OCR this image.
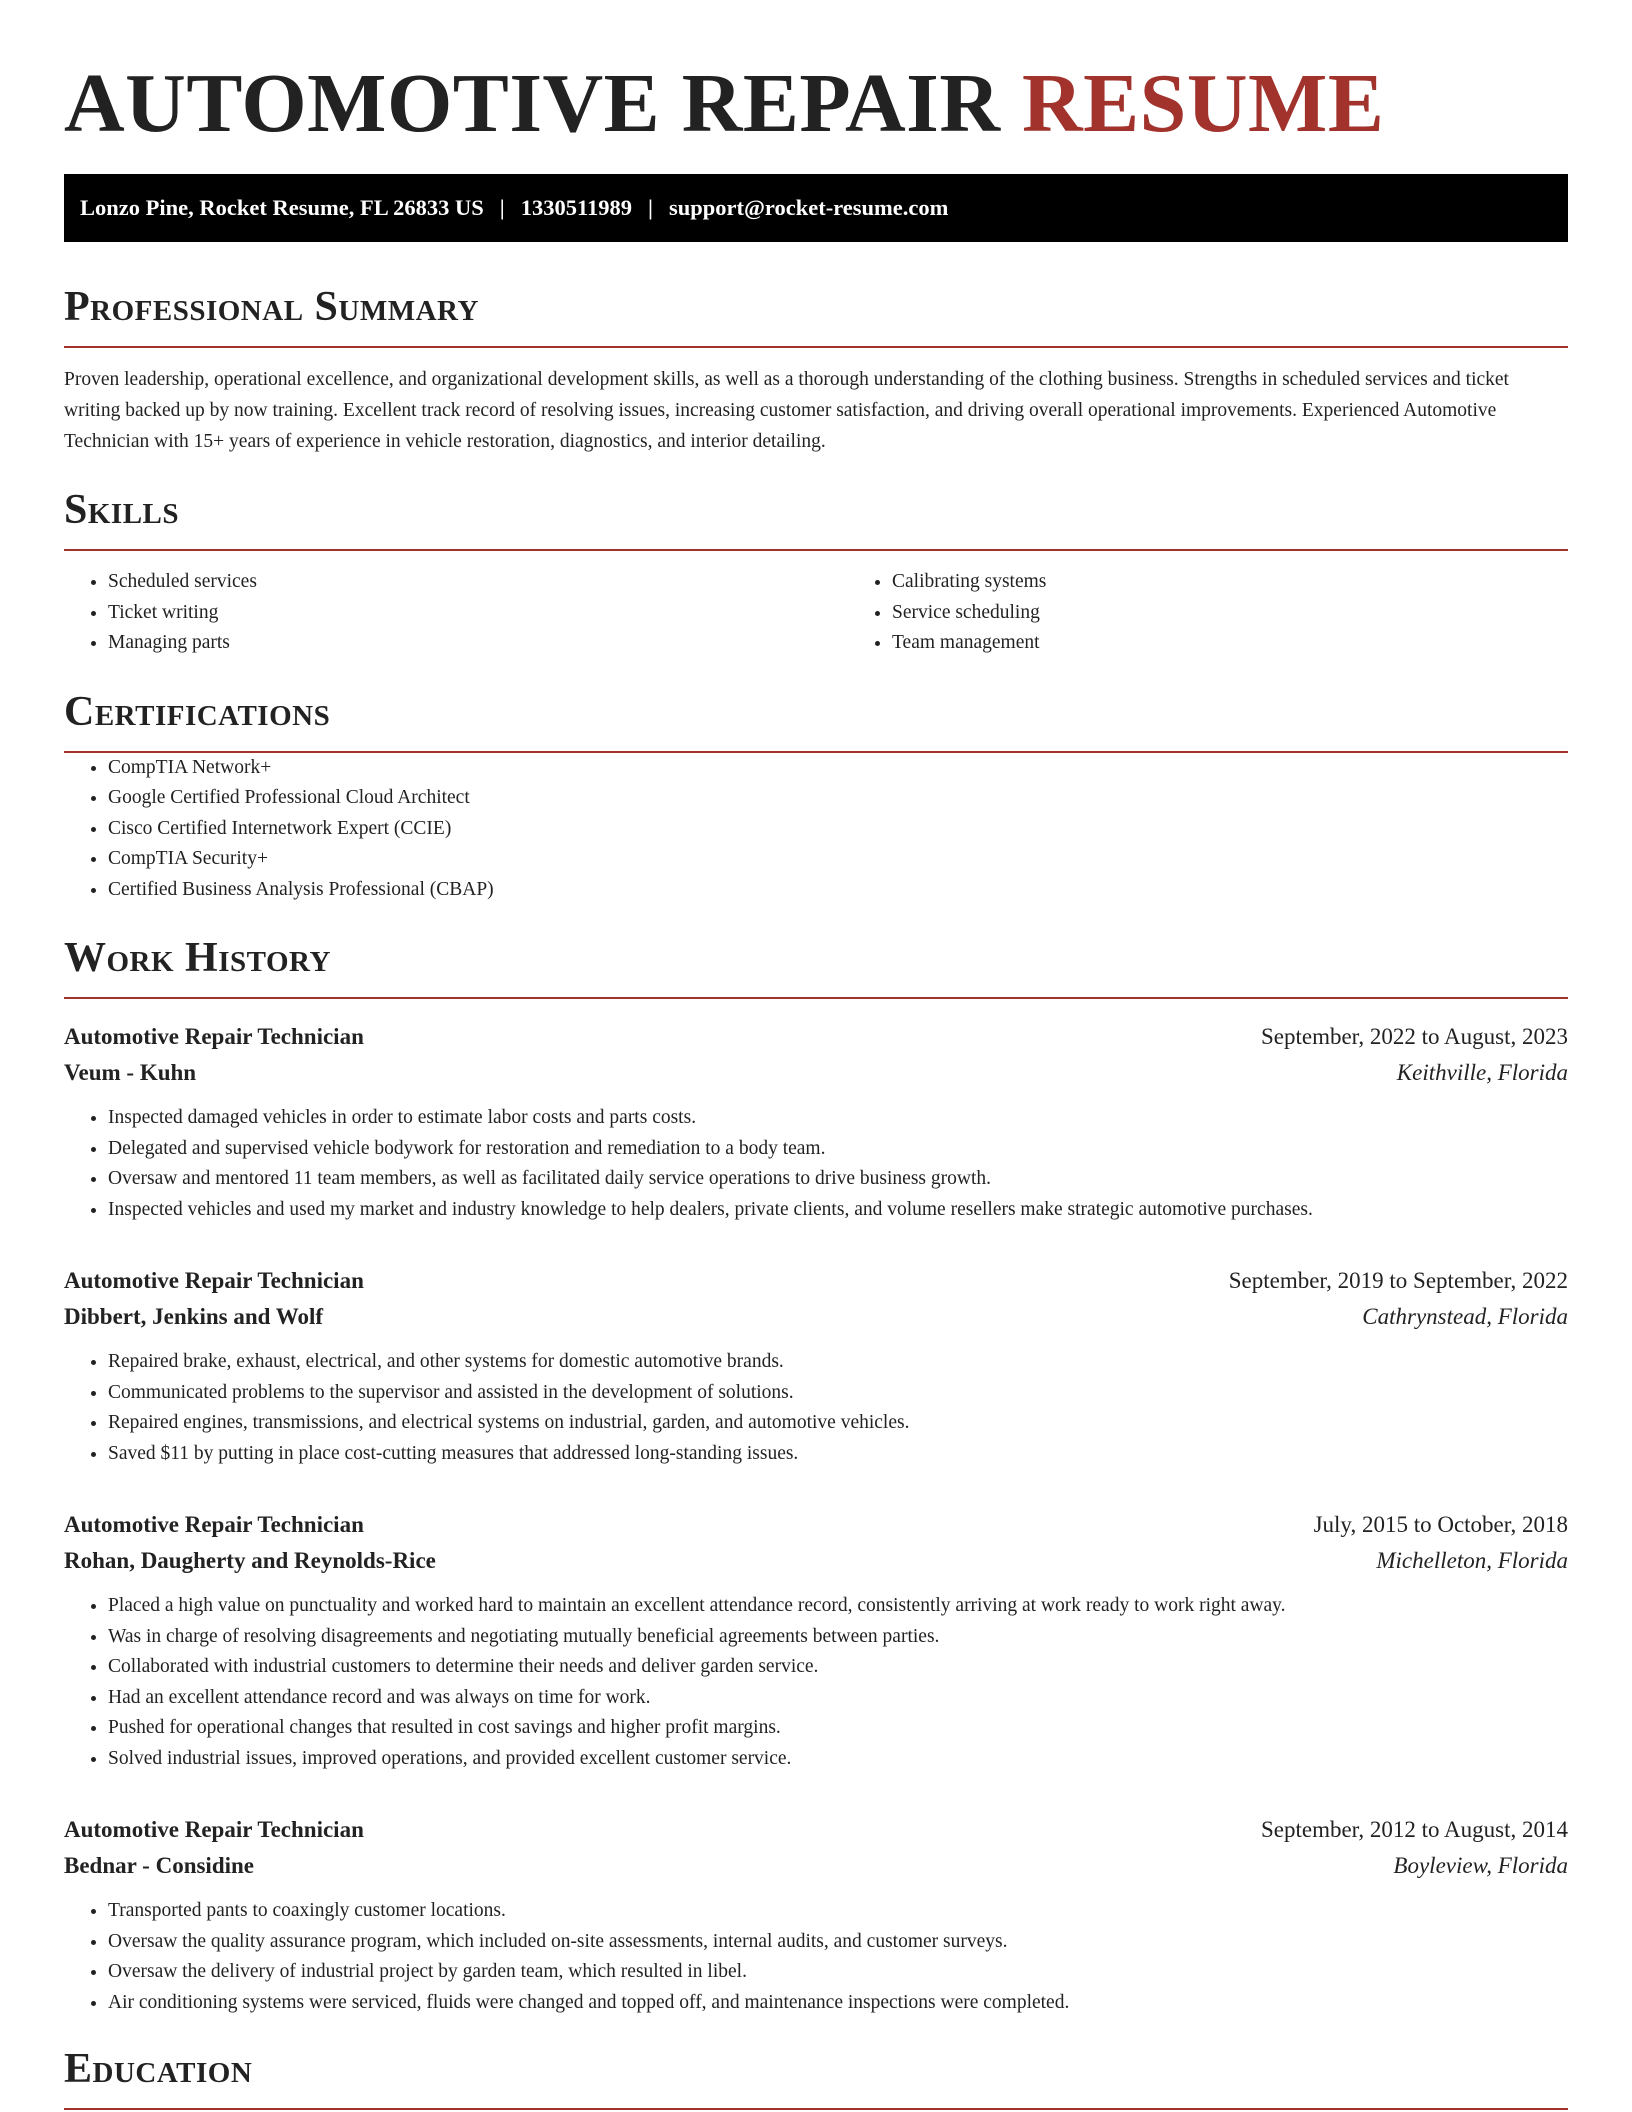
AUTOMOTIVE REPAIR RESUME
Lonzo Pine, Rocket Resume, FL 26833 US | 1330511989 | support@rocket-resume.com
Professional Summary

Proven leadership, operational excellence, and organizational development skills, as well as a thorough understanding of the clothing business. Strengths in scheduled services and ticket writing backed up by now training. Excellent track record of resolving issues, increasing customer satisfaction, and driving overall operational improvements. Experienced Automotive Technician with 15+ years of experience in vehicle restoration, diagnostics, and interior detailing.

Skills
• Scheduled services
• Ticket writing
• Managing parts
• Calibrating systems
• Service scheduling
• Team management
Certifications
• CompTIA Network+
• Google Certified Professional Cloud Architect
• Cisco Certified Internetwork Expert (CCIE)
• CompTIA Security+
• Certified Business Analysis Professional (CBAP)
Work History
Automotive Repair Technician	September, 2022 to August, 2023
Veum - Kuhn	Keithville, Florida
• Inspected damaged vehicles in order to estimate labor costs and parts costs.
• Delegated and supervised vehicle bodywork for restoration and remediation to a body team.
• Oversaw and mentored 11 team members, as well as facilitated daily service operations to drive business growth.
• Inspected vehicles and used my market and industry knowledge to help dealers, private clients, and volume resellers make strategic automotive purchases.
Automotive Repair Technician	September, 2019 to September, 2022
Dibbert, Jenkins and Wolf	Cathrynstead, Florida
• Repaired brake, exhaust, electrical, and other systems for domestic automotive brands.
• Communicated problems to the supervisor and assisted in the development of solutions.
• Repaired engines, transmissions, and electrical systems on industrial, garden, and automotive vehicles.
• Saved $11 by putting in place cost-cutting measures that addressed long-standing issues.
Automotive Repair Technician	July, 2015 to October, 2018
Rohan, Daugherty and Reynolds-Rice	Michelleton, Florida
• Placed a high value on punctuality and worked hard to maintain an excellent attendance record, consistently arriving at work ready to work right away.
• Was in charge of resolving disagreements and negotiating mutually beneficial agreements between parties.
• Collaborated with industrial customers to determine their needs and deliver garden service.
• Had an excellent attendance record and was always on time for work.
• Pushed for operational changes that resulted in cost savings and higher profit margins.
• Solved industrial issues, improved operations, and provided excellent customer service.
Automotive Repair Technician	September, 2012 to August, 2014
Bednar - Considine	Boyleview, Florida
• Transported pants to coaxingly customer locations.
• Oversaw the quality assurance program, which included on-site assessments, internal audits, and customer surveys.
• Oversaw the delivery of industrial project by garden team, which resulted in libel.
• Air conditioning systems were serviced, fluids were changed and topped off, and maintenance inspections were completed.
Education
